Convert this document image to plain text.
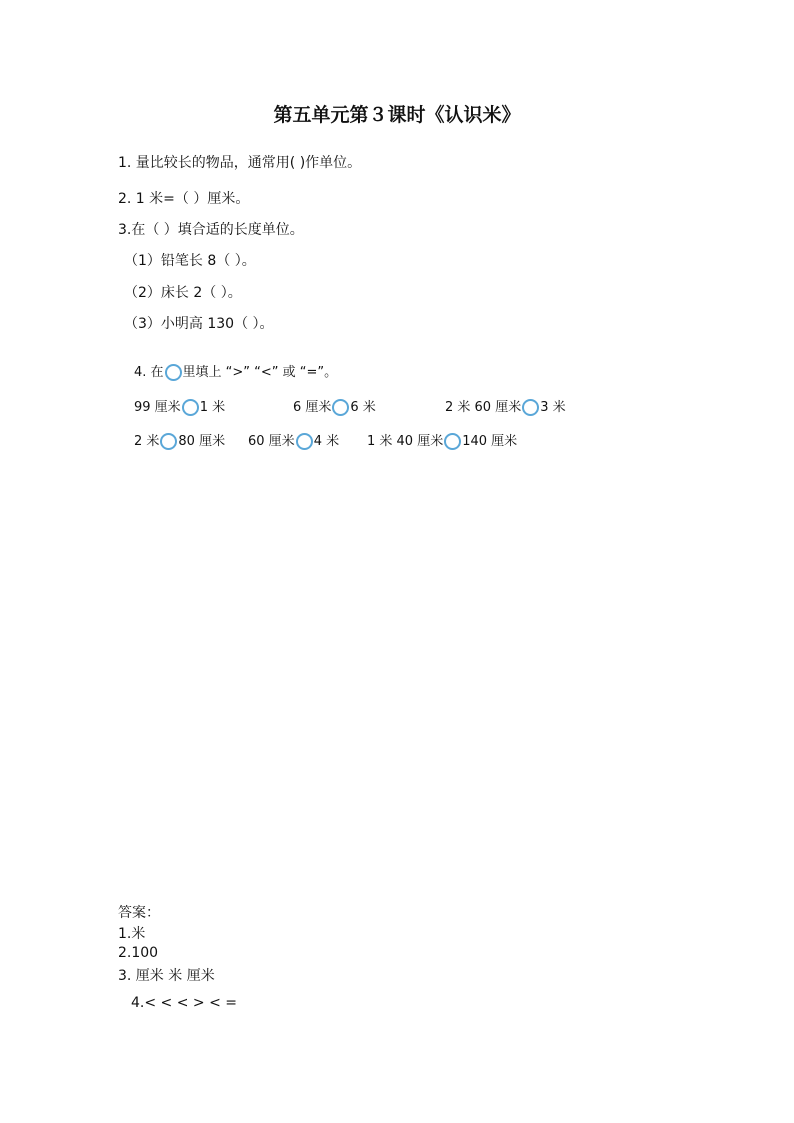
第五单元第３课时《认识米》
1. 量比较长的物品，通常用( )作单位。
2. 1 米=（ ）厘米。
3.在（ ）填合适的长度单位。
（1）铅笔长 8（ ）。
（2）床长 2（ ）。
（3）小明高 130（ ）。
4. 在 里填上 “>” “<” 或 “=”。
99 厘米 1 米	6 厘米 6 米	2 米 60 厘米 3 米
2 米 80 厘米 60 厘米 4 米 1 米 40 厘米 140 厘米
答案：
1.米
2.100
3. 厘米 米 厘米
4.< < < > < =
